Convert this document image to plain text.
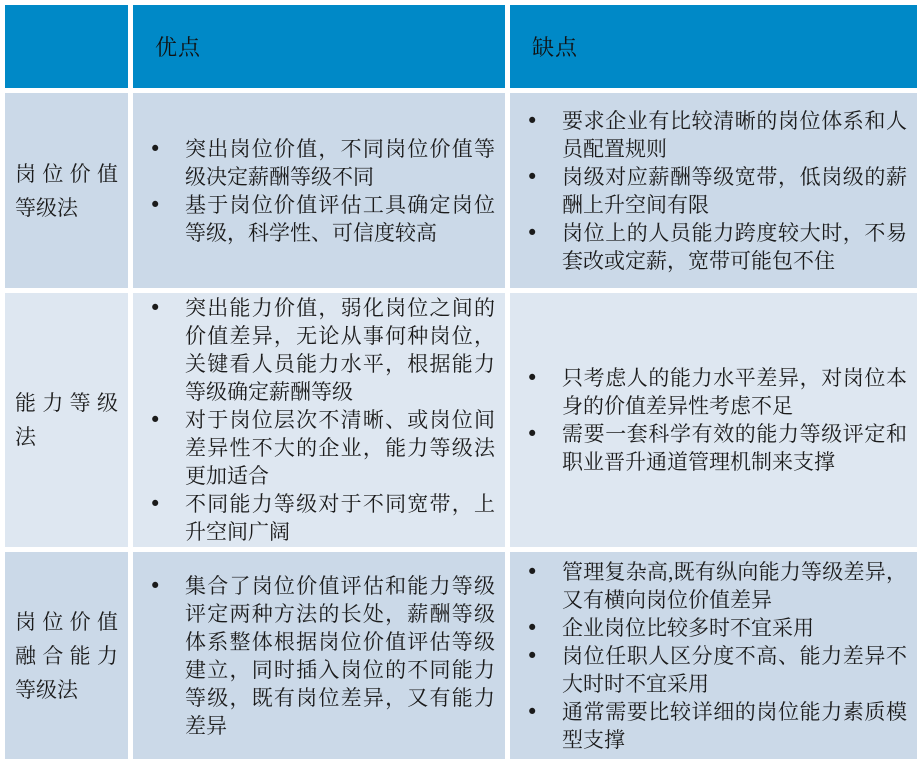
优点	缺点
岗位价值等级法
• 突出岗位价值，不同岗位价值等级决定薪酬等级不同
• 基于岗位价值评估工具确定岗位等级，科学性、可信度较高
• 要求企业有比较清晰的岗位体系和人员配置规则
• 岗级对应薪酬等级宽带，低岗级的薪酬上升空间有限
• 岗位上的人员能力跨度较大时，不易套改或定薪，宽带可能包不住
能力等级法
• 突出能力价值，弱化岗位之间的价值差异，无论从事何种岗位，关键看人员能力水平，根据能力等级确定薪酬等级
• 对于岗位层次不清晰、或岗位间差异性不大的企业，能力等级法更加适合
• 不同能力等级对于不同宽带，上升空间广阔
• 只考虑人的能力水平差异，对岗位本身的价值差异性考虑不足
• 需要一套科学有效的能力等级评定和职业晋升通道管理机制来支撑
岗位价值融合能力等级法
• 集合了岗位价值评估和能力等级评定两种方法的长处，薪酬等级体系整体根据岗位价值评估等级建立，同时插入岗位的不同能力等级，既有岗位差异，又有能力差异
• 管理复杂高,既有纵向能力等级差异，又有横向岗位价值差异
• 企业岗位比较多时不宜采用
• 岗位任职人区分度不高、能力差异不大时时不宜采用
• 通常需要比较详细的岗位能力素质模型支撑
